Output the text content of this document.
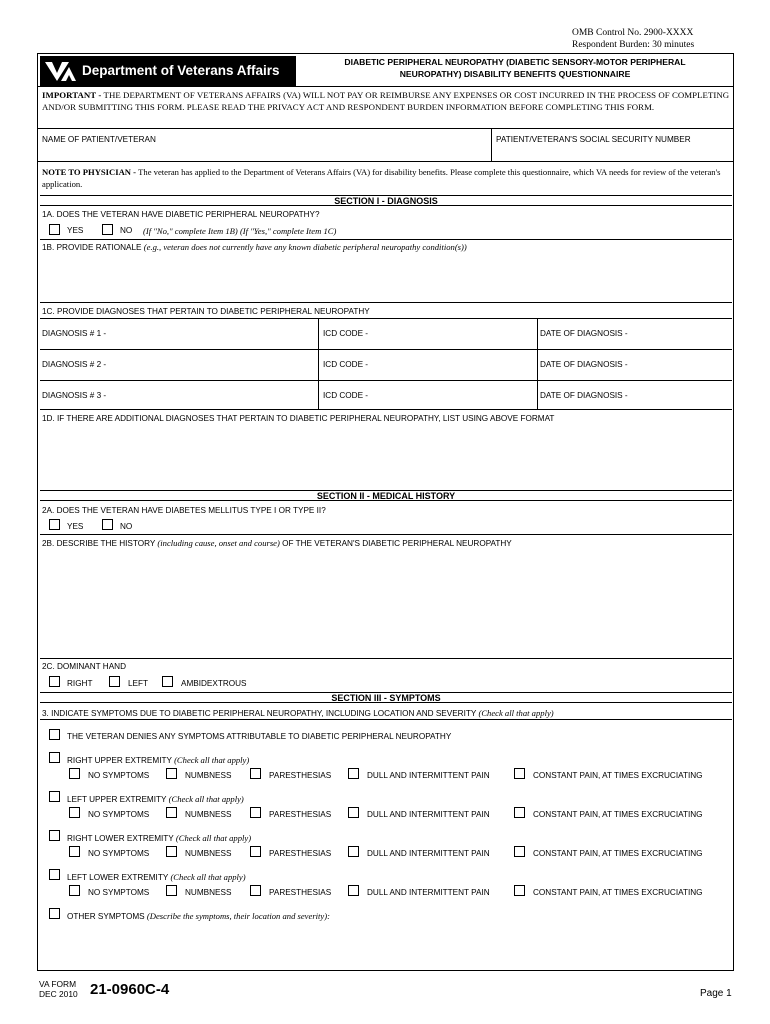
OMB Control No. 2900-XXXX
Respondent Burden: 30 minutes
Department of Veterans Affairs
DIABETIC PERIPHERAL NEUROPATHY (DIABETIC SENSORY-MOTOR PERIPHERAL
NEUROPATHY) DISABILITY BENEFITS QUESTIONNAIRE
IMPORTANT - THE DEPARTMENT OF VETERANS AFFAIRS (VA) WILL NOT PAY OR REIMBURSE ANY EXPENSES OR COST INCURRED IN THE PROCESS OF COMPLETING AND/OR SUBMITTING THIS FORM. PLEASE READ THE PRIVACY ACT AND RESPONDENT BURDEN INFORMATION BEFORE COMPLETING THIS FORM.
NAME OF PATIENT/VETERAN	PATIENT/VETERAN'S SOCIAL SECURITY NUMBER
NOTE TO PHYSICIAN - The veteran has applied to the Department of Veterans Affairs (VA) for disability benefits. Please complete this questionnaire, which VA needs for review of the veteran's application.
SECTION I - DIAGNOSIS
1A. DOES THE VETERAN HAVE DIABETIC PERIPHERAL NEUROPATHY?
YES	NO (If "No," complete Item 1B) (If "Yes," complete Item 1C)
1B. PROVIDE RATIONALE (e.g., veteran does not currently have any known diabetic peripheral neuropathy condition(s))
1C. PROVIDE DIAGNOSES THAT PERTAIN TO DIABETIC PERIPHERAL NEUROPATHY
DIAGNOSIS # 1 -	ICD CODE -	DATE OF DIAGNOSIS -
DIAGNOSIS # 2 -	ICD CODE -	DATE OF DIAGNOSIS -
DIAGNOSIS # 3 -	ICD CODE -	DATE OF DIAGNOSIS -
1D. IF THERE ARE ADDITIONAL DIAGNOSES THAT PERTAIN TO DIABETIC PERIPHERAL NEUROPATHY, LIST USING ABOVE FORMAT
SECTION II - MEDICAL HISTORY
2A. DOES THE VETERAN HAVE DIABETES MELLITUS TYPE I OR TYPE II?
YES	NO
2B. DESCRIBE THE HISTORY (including cause, onset and course) OF THE VETERAN'S DIABETIC PERIPHERAL NEUROPATHY
2C. DOMINANT HAND
RIGHT	LEFT	AMBIDEXTROUS
SECTION III - SYMPTOMS
3. INDICATE SYMPTOMS DUE TO DIABETIC PERIPHERAL NEUROPATHY, INCLUDING LOCATION AND SEVERITY (Check all that apply)
THE VETERAN DENIES ANY SYMPTOMS ATTRIBUTABLE TO DIABETIC PERIPHERAL NEUROPATHY
RIGHT UPPER EXTREMITY (Check all that apply)
NO SYMPTOMS	NUMBNESS	PARESTHESIAS	DULL AND INTERMITTENT PAIN	CONSTANT PAIN, AT TIMES EXCRUCIATING
LEFT UPPER EXTREMITY (Check all that apply)
NO SYMPTOMS	NUMBNESS	PARESTHESIAS	DULL AND INTERMITTENT PAIN	CONSTANT PAIN, AT TIMES EXCRUCIATING
RIGHT LOWER EXTREMITY (Check all that apply)
NO SYMPTOMS	NUMBNESS	PARESTHESIAS	DULL AND INTERMITTENT PAIN	CONSTANT PAIN, AT TIMES EXCRUCIATING
LEFT LOWER EXTREMITY (Check all that apply)
NO SYMPTOMS	NUMBNESS	PARESTHESIAS	DULL AND INTERMITTENT PAIN	CONSTANT PAIN, AT TIMES EXCRUCIATING
OTHER SYMPTOMS (Describe the symptoms, their location and severity):
VA FORM
DEC 2010 21-0960C-4	Page 1
